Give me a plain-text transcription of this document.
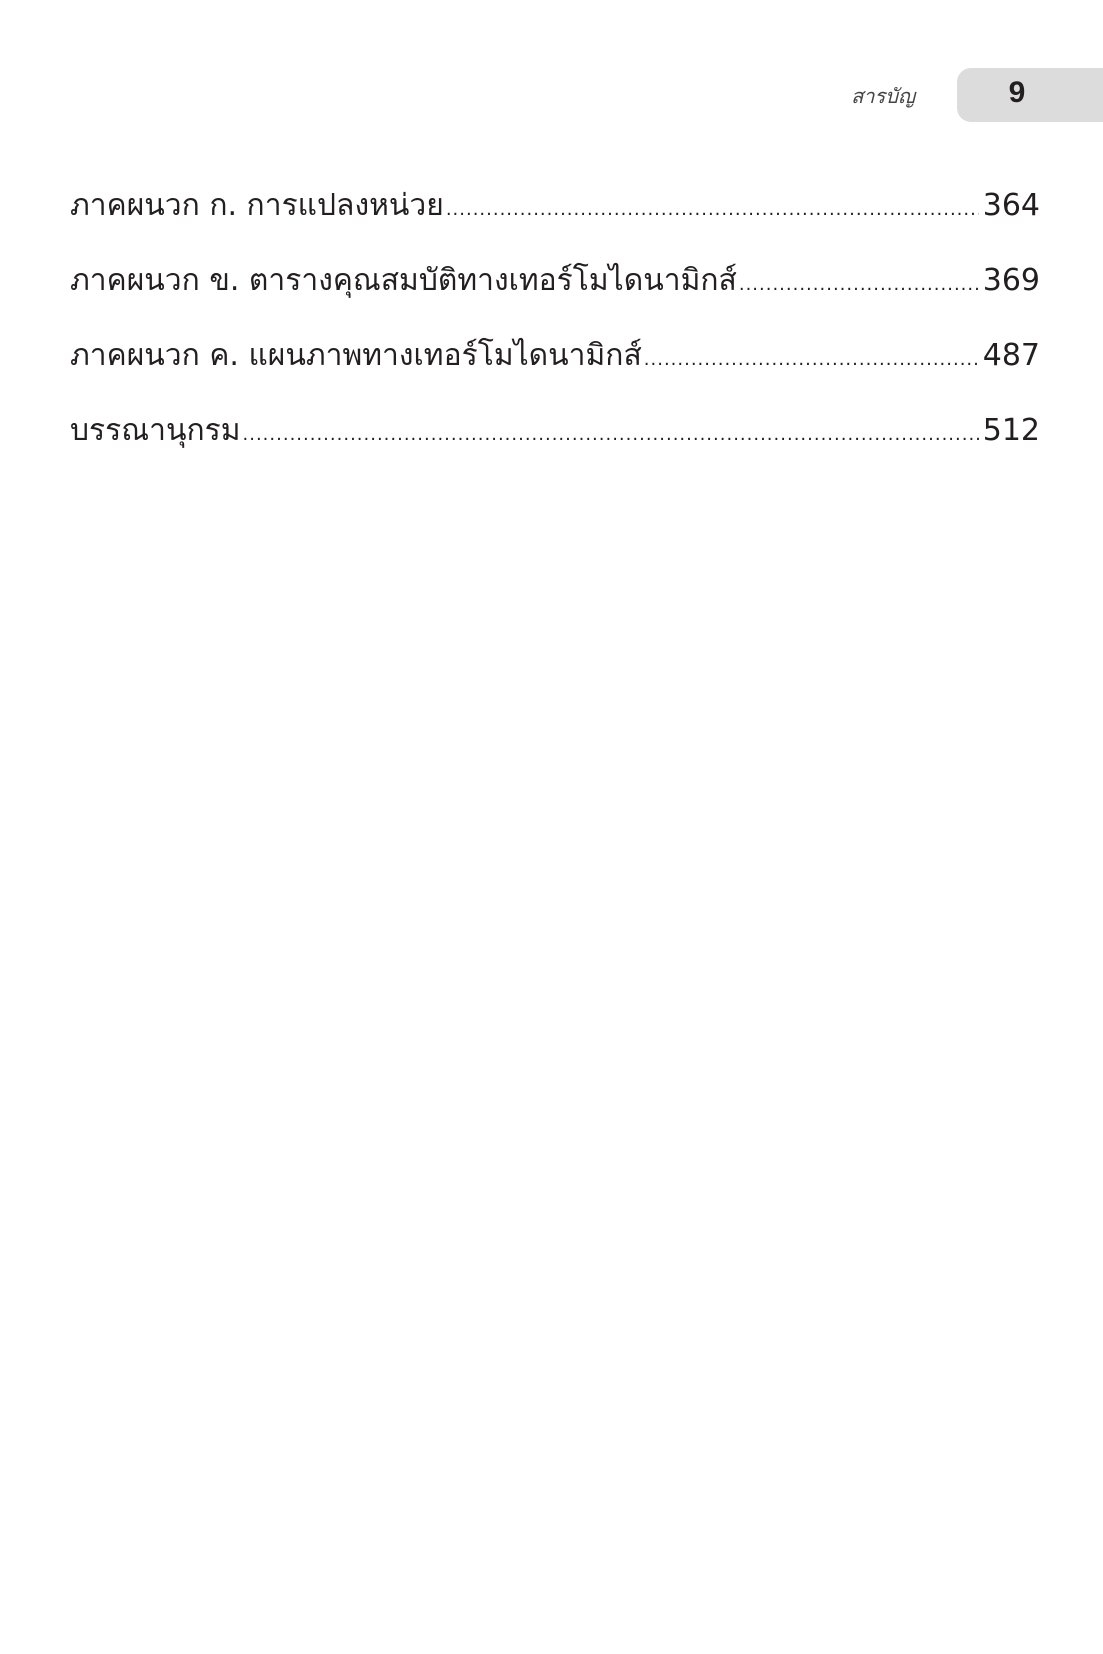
สารบัญ	9
ภาคผนวก ก. การแปลงหน่วย .....	364
ภาคผนวก ข. ตารางคุณสมบัติทางเทอร์โมไดนามิกส์ .....	369
ภาคผนวก ค. แผนภาพทางเทอร์โมไดนามิกส์ .....	487
บรรณานุกรม .....	512
